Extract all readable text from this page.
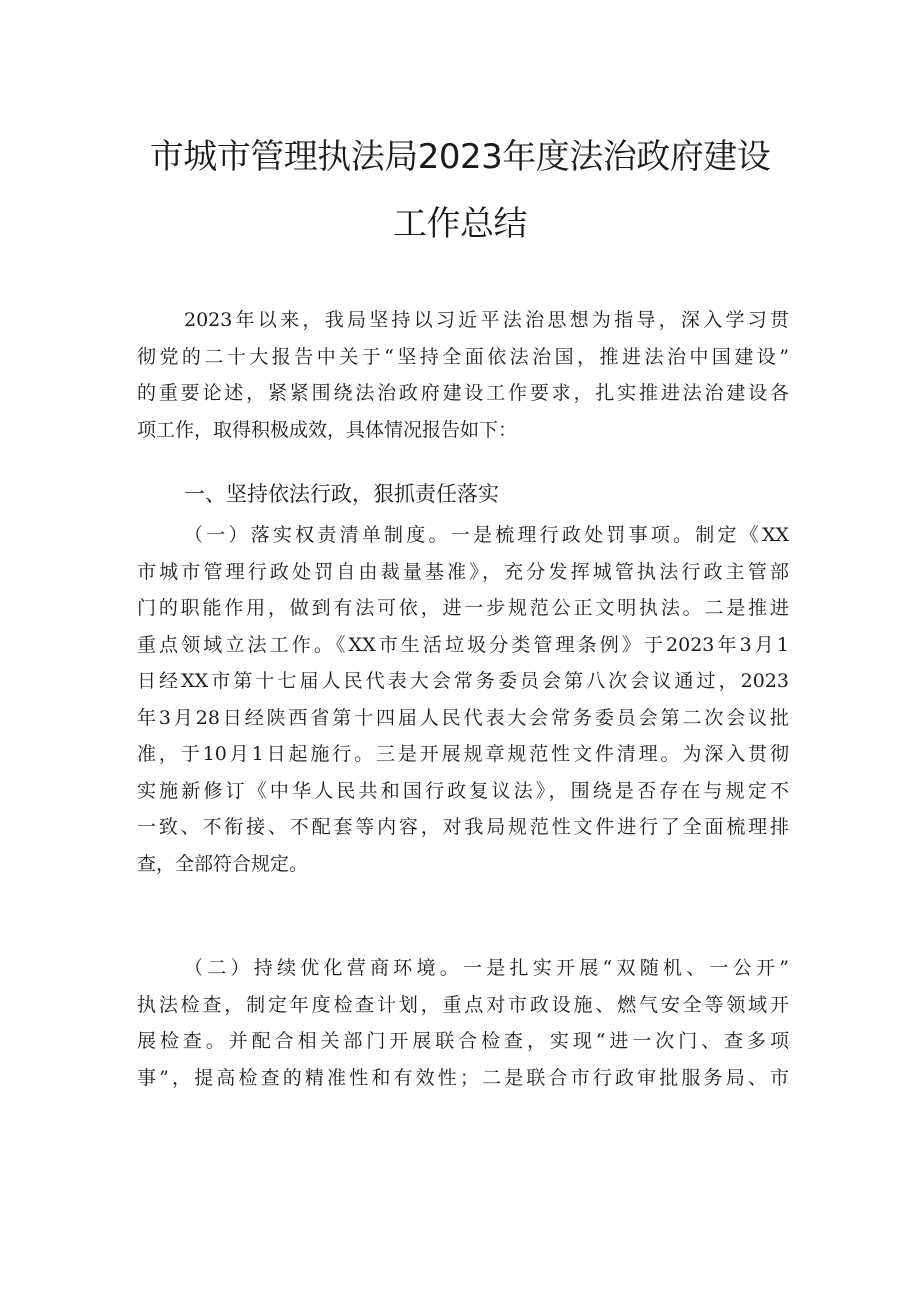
市城市管理执法局2023年度法治政府建设
工作总结
2023年以来，我局坚持以习近平法治思想为指导，深入学习贯
彻党的二十大报告中关于“坚持全面依法治国，推进法治中国建设”
的重要论述，紧紧围绕法治政府建设工作要求，扎实推进法治建设各
项工作，取得积极成效，具体情况报告如下：
一、坚持依法行政，狠抓责任落实
（一）落实权责清单制度。一是梳理行政处罚事项。制定《XX
市城市管理行政处罚自由裁量基准》，充分发挥城管执法行政主管部
门的职能作用，做到有法可依，进一步规范公正文明执法。二是推进
重点领域立法工作。《XX市生活垃圾分类管理条例》于2023年3月1
日经XX市第十七届人民代表大会常务委员会第八次会议通过，2023
年3月28日经陕西省第十四届人民代表大会常务委员会第二次会议批
准，于10月1日起施行。三是开展规章规范性文件清理。为深入贯彻
实施新修订《中华人民共和国行政复议法》，围绕是否存在与规定不
一致、不衔接、不配套等内容，对我局规范性文件进行了全面梳理排
查，全部符合规定。
（二）持续优化营商环境。一是扎实开展“双随机、一公开”
执法检查，制定年度检查计划，重点对市政设施、燃气安全等领域开
展检查。并配合相关部门开展联合检查，实现“进一次门、查多项
事”，提高检查的精准性和有效性；二是联合市行政审批服务局、市
